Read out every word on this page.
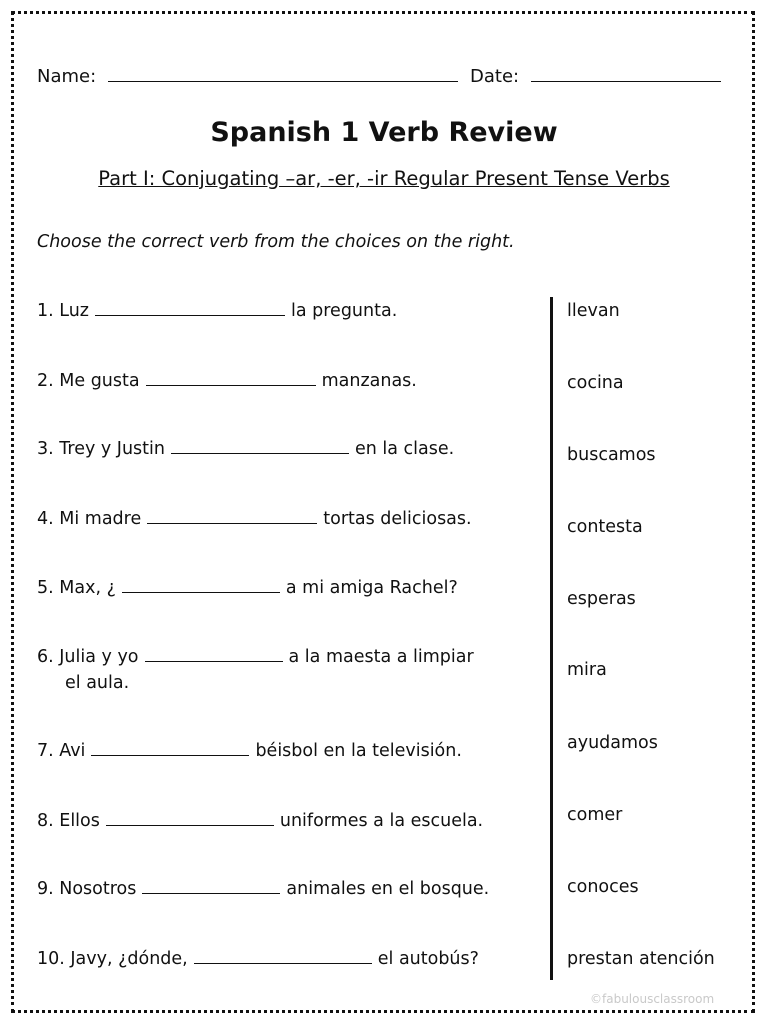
Name:	Date:
Spanish 1 Verb Review
Part I: Conjugating –ar, -er, -ir Regular Present Tense Verbs
Choose the correct verb from the choices on the right.
1. Luz	la pregunta.
2. Me gusta	manzanas.
3. Trey y Justin	en la clase.
4. Mi madre	tortas deliciosas.
5. Max, ¿	a mi amiga Rachel?
6. Julia y yo	a la maesta a limpiar
el aula.
7. Avi	béisbol en la televisión.
8. Ellos	uniformes a la escuela.
9. Nosotros	animales en el bosque.
10. Javy, ¿dónde,	el autobús?
llevan
cocina
buscamos
contesta
esperas
mira
ayudamos
comer
conoces
prestan atención
©fabulousclassroom
